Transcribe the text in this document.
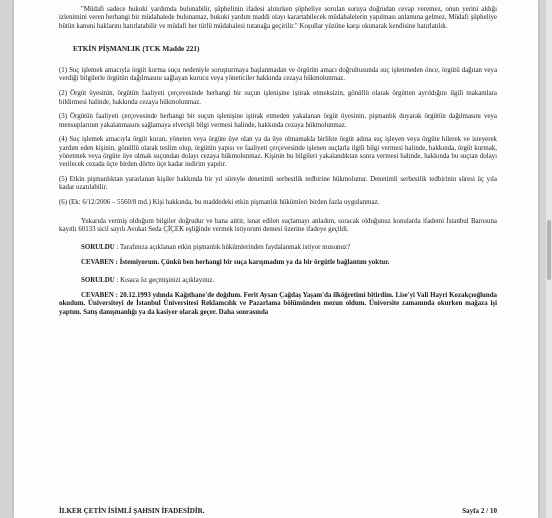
"Müdafi sadece hukuki yardımda bulunabilir, şüphelinin ifadesi alınırken şüpheliye sorulan soruya doğrudan cevap veremez, onun yerini aldığı izlenimini veren herhangi bir müdahalede bulunamaz, hukuki yardım maddi olayı karartabilecek müdahalelerin yapılması anlamına gelmez, Müdafi şüpheliye bütün kanuni haklarını hatırlatabilir ve müdafi her türlü müdahalesi tutanağa geçirilir." Koşullar yüzüne karşı okunarak kendisine hatırlatıldı.

ETKİN PİŞMANLIK (TCK Madde 221)

(1) Suç işlemek amacıyla örgüt kurma suçu nedeniyle soruşturmaya başlanmadan ve örgütün amacı doğrultusunda suç işlenmeden önce, örgütü dağıtan veya verdiği bilgilerle örgütün dağılmasını sağlayan kurucu veya yöneticiler hakkında cezaya hükmolunmaz.

(2) Örgüt üyesinin, örgütün faaliyeti çerçevesinde herhangi bir suçun işlenişine iştirak etmeksizin, gönüllü olarak örgütten ayrıldığını ilgili makamlara bildirmesi halinde, hakkında cezaya hükmolunmaz.

(3) Örgütün faaliyeti çerçevesinde herhangi bir suçun işlenişine iştirak etmeden yakalanan örgüt üyesinin, pişmanlık duyarak örgütün dağılmasını veya mensuplarının yakalanmasını sağlamaya elverişli bilgi vermesi halinde, hakkında cezaya hükmolunmaz.

(4) Suç işlemek amacıyla örgüt kuran, yöneten veya örgüte üye olan ya da üye olmamakla birlikte örgüt adına suç işleyen veya örgüte hilerek ve isteyerek yardım eden kişinin, gönüllü olarak teslim olup, örgütün yapısı ve faaliyeti çerçevesinde işlenen suçlarla ilgili bilgi vermesi halinde, hakkında, örgüt kurmak, yönetmek veya örgüte üye olmak suçundan dolayı cezaya hükmolunmaz. Kişinin bu bilgileri yakalandıktan sonra vermesi halinde, hakkında bu suçtan dolayı verilecek cezada üçte birden dörtte üçe kadar indirim yapılır.

(5) Etkin pişmanlıktan yararlanan kişiler hakkında bir yıl süreyle denetimli serbestlik tedbirine hükmolunur. Denetimli serbestlik tedbirinin süresi üç yıla kadar uzatılabilir.

(6) (Ek: 6/12/2006 – 5560/8 md.) Kişi hakkında, bu maddedeki etkin pişmanlık hükümleri birden fazla uygulanmaz.

Yukarıda vermiş olduğum bilgiler doğrudur ve bana aittir, isnat edilen suçlamayı anladım, soracak olduğunuz konularda ifademi İstanbul Barosuna kayıtlı 60133 sicil sayılı Avukat Seda ÇİÇEK eşliğinde vermek istiyorum demesi üzerine ifadeye geçildi.

SORULDU : Tarafınıza açıklanan etkin pişmanlık hükümlerinden faydalanmak istiyor musunuz?

CEVABEN : İstemiyorum. Çünkü ben herhangi bir suça karışmadım ya da bir örgütle bağlantım yoktur.

SORULDU : Kısaca öz geçmişinizi açıklayınız.

CEVABEN : 20.12.1993 yılında Kağıthane'de doğdum. Ferit Aysan Çağdaş Yaşam'da ilköğretimi bitirdim. Lise'yi Vali Hayri Kozakçıoğlunda okudum. Üniversiteyi de İstanbul Üniversitesi Reklamcılık ve Pazarlama bölümünden mezun oldum. Üniversite zamanında okurken mağaza işi yaptım. Satış danışmanlığı ya da kasiyer olarak geçer. Daha sonrasında

İLKER ÇETİN İSİMLİ ŞAHSIN İFADESİDİR.	Sayfa 2 / 10
